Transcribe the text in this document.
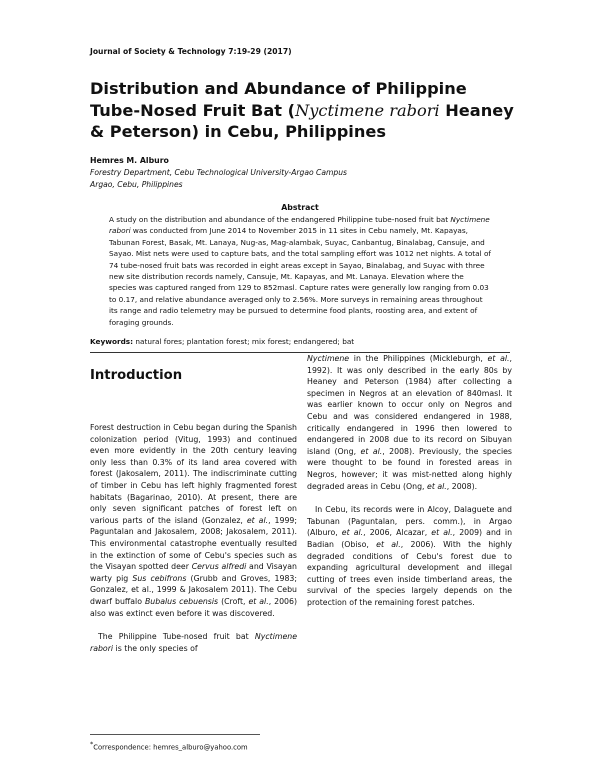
Journal of Society & Technology 7:19-29 (2017)
Distribution and Abundance of Philippine Tube-Nosed Fruit Bat (Nyctimene rabori Heaney & Peterson) in Cebu, Philippines
Hemres M. Alburo
Forestry Department, Cebu Technological University-Argao Campus
Argao, Cebu, Philippines
Abstract

A study on the distribution and abundance of the endangered Philippine tube-nosed fruit bat Nyctimene rabori was conducted from June 2014 to November 2015 in 11 sites in Cebu namely, Mt. Kapayas, Tabunan Forest, Basak, Mt. Lanaya, Nug-as, Mag-alambak, Suyac, Canbantug, Binalabag, Cansuje, and Sayao. Mist nets were used to capture bats, and the total sampling effort was 1012 net nights. A total of 74 tube-nosed fruit bats was recorded in eight areas except in Sayao, Binalabag, and Suyac with three new site distribution records namely, Cansuje, Mt. Kapayas, and Mt. Lanaya. Elevation where the species was captured ranged from 129 to 852masl. Capture rates were generally low ranging from 0.03 to 0.17, and relative abundance averaged only to 2.56%. More surveys in remaining areas throughout its range and radio telemetry may be pursued to determine food plants, roosting area, and extent of foraging grounds.

Keywords: natural fores; plantation forest; mix forest; endangered; bat
Introduction

Forest destruction in Cebu began during the Spanish colonization period (Vitug, 1993) and continued even more evidently in the 20th century leaving only less than 0.3% of its land area covered with forest (Jakosalem, 2011). The indiscriminate cutting of timber in Cebu has left highly fragmented forest habitats (Bagarinao, 2010). At present, there are only seven significant patches of forest left on various parts of the island (Gonzalez, et al., 1999; Paguntalan and Jakosalem, 2008; Jakosalem, 2011). This environmental catastrophe eventually resulted in the extinction of some of Cebu's species such as the Visayan spotted deer Cervus alfredi and Visayan warty pig Sus cebifrons (Grubb and Groves, 1983; Gonzalez, et al., 1999 & Jakosalem 2011). The Cebu dwarf buffalo Bubalus cebuensis (Croft, et al., 2006) also was extinct even before it was discovered.

The Philippine Tube-nosed fruit bat Nyctimene rabori is the only species of

Nyctimene in the Philippines (Mickleburgh, et al., 1992). It was only described in the early 80s by Heaney and Peterson (1984) after collecting a specimen in Negros at an elevation of 840masl. It was earlier known to occur only on Negros and Cebu and was considered endangered in 1988, critically endangered in 1996 then lowered to endangered in 2008 due to its record on Sibuyan island (Ong, et al., 2008). Previously, the species were thought to be found in forested areas in Negros, however; it was mist-netted along highly degraded areas in Cebu (Ong, et al., 2008).

In Cebu, its records were in Alcoy, Dalaguete and Tabunan (Paguntalan, pers. comm.), in Argao (Alburo, et al., 2006, Alcazar, et al., 2009) and in Badian (Obiso, et al., 2006). With the highly degraded conditions of Cebu's forest due to expanding agricultural development and illegal cutting of trees even inside timberland areas, the survival of the species largely depends on the protection of the remaining forest patches.

*Correspondence: hemres_alburo@yahoo.com
